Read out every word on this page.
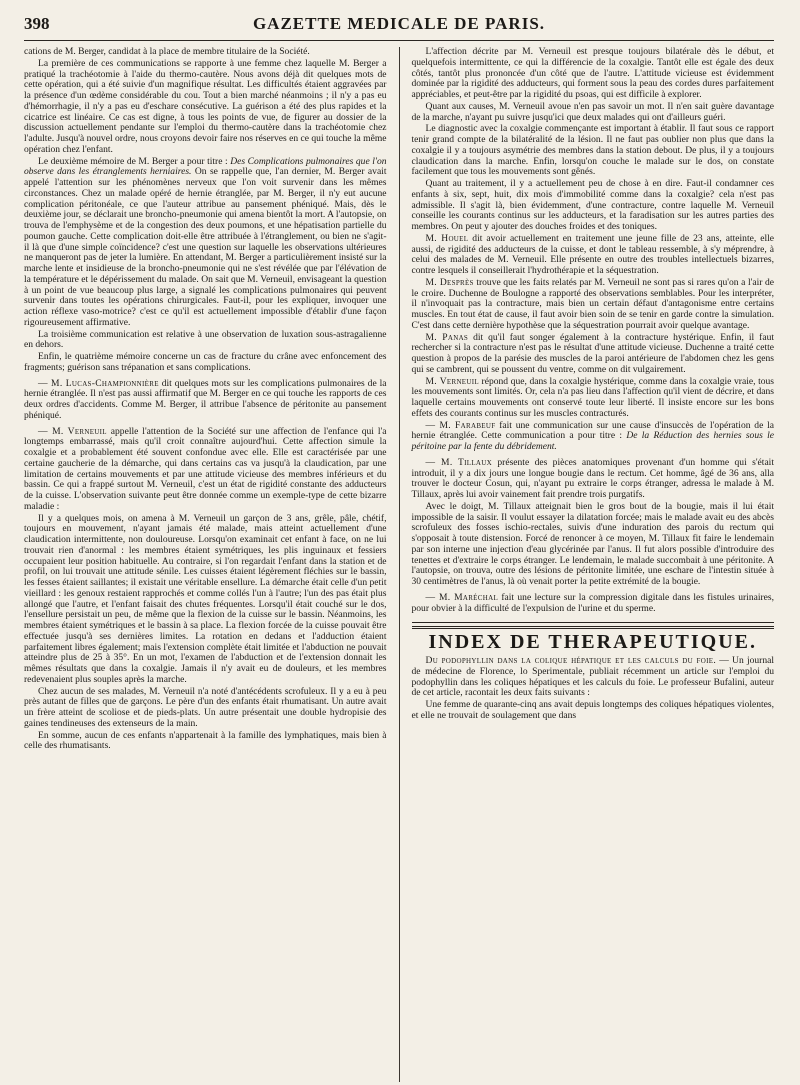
398	GAZETTE MEDICALE DE PARIS.

cations de M. Berger, candidat à la place de membre titulaire de la Société.

La première de ces communications se rapporte à une femme chez laquelle M. Berger a pratiqué la trachéotomie à l'aide du thermo-cautère. Nous avons déjà dit quelques mots de cette opération, qui a été suivie d'un magnifique résultat. Les difficultés étaient aggravées par la présence d'un œdème considérable du cou. Tout a bien marché néanmoins ; il n'y a pas eu d'hémorrhagie, il n'y a pas eu d'eschare consécutive. La guérison a été des plus rapides et la cicatrice est linéaire. Ce cas est digne, à tous les points de vue, de figurer au dossier de la discussion actuellement pendante sur l'emploi du thermo-cautère dans la trachéotomie chez l'adulte. Jusqu'à nouvel ordre, nous croyons devoir faire nos réserves en ce qui touche la même opération chez l'enfant.

Le deuxième mémoire de M. Berger a pour titre : Des Complications pulmonaires que l'on observe dans les étranglements herniaires. On se rappelle que, l'an dernier, M. Berger avait appelé l'attention sur les phénomènes nerveux que l'on voit survenir dans les mêmes circonstances. Chez un malade opéré de hernie étranglée, par M. Berger, il n'y eut aucune complication péritonéale, ce que l'auteur attribue au pansement phéniqué. Mais, dès le deuxième jour, se déclarait une broncho-pneumonie qui amena bientôt la mort. A l'autopsie, on trouva de l'emphysème et de la congestion des deux poumons, et une hépatisation partielle du poumon gauche. Cette complication doit-elle être attribuée à l'étranglement, ou bien ne s'agit-il là que d'une simple coïncidence? c'est une question sur laquelle les observations ultérieures ne manqueront pas de jeter la lumière. En attendant, M. Berger a particulièrement insisté sur la marche lente et insidieuse de la broncho-pneumonie qui ne s'est révélée que par l'élévation de la température et le dépérissement du malade. On sait que M. Verneuil, envisageant la question à un point de vue beaucoup plus large, a signalé les complications pulmonaires qui peuvent survenir dans toutes les opérations chirurgicales. Faut-il, pour les expliquer, invoquer une action réflexe vaso-motrice? c'est ce qu'il est actuellement impossible d'établir d'une façon rigoureusement affirmative.

La troisième communication est relative à une observation de luxation sous-astragalienne en dehors.

Enfin, le quatrième mémoire concerne un cas de fracture du crâne avec enfoncement des fragments; guérison sans trépanation et sans complications.

— M. Lucas-Championnière dit quelques mots sur les complications pulmonaires de la hernie étranglée. Il n'est pas aussi affirmatif que M. Berger en ce qui touche les rapports de ces deux ordres d'accidents. Comme M. Berger, il attribue l'absence de péritonite au pansement phéniqué.

— M. Verneuil appelle l'attention de la Société sur une affection de l'enfance qui l'a longtemps embarrassé, mais qu'il croit connaître aujourd'hui. Cette affection simule la coxalgie et a probablement été souvent confondue avec elle. Elle est caractérisée par une certaine gaucherie de la démarche, qui dans certains cas va jusqu'à la claudication, par une limitation de certains mouvements et par une attitude vicieuse des membres inférieurs et du bassin. Ce qui a frappé surtout M. Verneuil, c'est un état de rigidité constante des adducteurs de la cuisse. L'observation suivante peut être donnée comme un exemple-type de cette bizarre maladie :

Il y a quelques mois, on amena à M. Verneuil un garçon de 3 ans, grêle, pâle, chétif, toujours en mouvement, n'ayant jamais été malade, mais atteint actuellement d'une claudication intermittente, non douloureuse. Lorsqu'on examinait cet enfant à face, on ne lui trouvait rien d'anormal : les membres étaient symétriques, les plis inguinaux et fessiers occupaient leur position habituelle. Au contraire, si l'on regardait l'enfant dans la station et de profil, on lui trouvait une attitude sénile. Les cuisses étaient légèrement fléchies sur le bassin, les fesses étaient saillantes; il existait une véritable ensellure. La démarche était celle d'un petit vieillard : les genoux restaient rapprochés et comme collés l'un à l'autre; l'un des pas était plus allongé que l'autre, et l'enfant faisait des chutes fréquentes. Lorsqu'il était couché sur le dos, l'ensellure persistait un peu, de même que la flexion de la cuisse sur le bassin. Néanmoins, les membres étaient symétriques et le bassin à sa place. La flexion forcée de la cuisse pouvait être effectuée jusqu'à ses dernières limites. La rotation en dedans et l'adduction étaient parfaitement libres également; mais l'extension complète était limitée et l'abduction ne pouvait atteindre plus de 25 à 35°. En un mot, l'examen de l'abduction et de l'extension donnait les mêmes résultats que dans la coxalgie. Jamais il n'y avait eu de douleurs, et les membres redevenaient plus souples après la marche.

Chez aucun de ses malades, M. Verneuil n'a noté d'antécédents scrofuleux. Il y a eu à peu près autant de filles que de garçons. Le père d'un des enfants était rhumatisant. Un autre avait un frère atteint de scoliose et de pieds-plats. Un autre présentait une double hydropisie des gaines tendineuses des extenseurs de la main.

En somme, aucun de ces enfants n'appartenait à la famille des lymphatiques, mais bien à celle des rhumatisants.

L'affection décrite par M. Verneuil est presque toujours bilatérale dès le début, et quelquefois intermittente, ce qui la différencie de la coxalgie. Tantôt elle est égale des deux côtés, tantôt plus prononcée d'un côté que de l'autre. L'attitude vicieuse est évidemment dominée par la rigidité des adducteurs, qui forment sous la peau des cordes dures parfaitement appréciables, et peut-être par la rigidité du psoas, qui est difficile à explorer.

Quant aux causes, M. Verneuil avoue n'en pas savoir un mot. Il n'en sait guère davantage de la marche, n'ayant pu suivre jusqu'ici que deux malades qui ont d'ailleurs guéri.

Le diagnostic avec la coxalgie commençante est important à établir. Il faut sous ce rapport tenir grand compte de la bilatéralité de la lésion. Il ne faut pas oublier non plus que dans la coxalgie il y a toujours asymétrie des membres dans la station debout. De plus, il y a toujours claudication dans la marche. Enfin, lorsqu'on couche le malade sur le dos, on constate facilement que tous les mouvements sont gênés.

Quant au traitement, il y a actuellement peu de chose à en dire. Faut-il condamner ces enfants à six, sept, huit, dix mois d'immobilité comme dans la coxalgie? cela n'est pas admissible. Il s'agit là, bien évidemment, d'une contracture, contre laquelle M. Verneuil conseille les courants continus sur les adducteurs, et la faradisation sur les autres parties des membres. On peut y ajouter des douches froides et des toniques.

M. Houel dit avoir actuellement en traitement une jeune fille de 23 ans, atteinte, elle aussi, de rigidité des adducteurs de la cuisse, et dont le tableau ressemble, à s'y méprendre, à celui des malades de M. Verneuil. Elle présente en outre des troubles intellectuels bizarres, contre lesquels il conseillerait l'hydrothérapie et la séquestration.

M. Desprès trouve que les faits relatés par M. Verneuil ne sont pas si rares qu'on a l'air de le croire. Duchenne de Boulogne a rapporté des observations semblables. Pour les interpréter, il n'invoquait pas la contracture, mais bien un certain défaut d'antagonisme entre certains muscles. En tout état de cause, il faut avoir bien soin de se tenir en garde contre la simulation. C'est dans cette dernière hypothèse que la séquestration pourrait avoir quelque avantage.

M. Panas dit qu'il faut songer également à la contracture hystérique. Enfin, il faut rechercher si la contracture n'est pas le résultat d'une attitude vicieuse. Duchenne a traité cette question à propos de la parésie des muscles de la paroi antérieure de l'abdomen chez les gens qui se cambrent, qui se poussent du ventre, comme on dit vulgairement.

M. Verneuil répond que, dans la coxalgie hystérique, comme dans la coxalgie vraie, tous les mouvements sont limités. Or, cela n'a pas lieu dans l'affection qu'il vient de décrire, et dans laquelle certains mouvements ont conservé toute leur liberté. Il insiste encore sur les bons effets des courants continus sur les muscles contracturés.

— M. Farabeuf fait une communication sur une cause d'insuccès de l'opération de la hernie étranglée. Cette communication a pour titre : De la Réduction des hernies sous le péritoine par la fente du débridement.

— M. Tillaux présente des pièces anatomiques provenant d'un homme qui s'était introduit, il y a dix jours une longue bougie dans le rectum. Cet homme, âgé de 36 ans, alla trouver le docteur Cosun, qui, n'ayant pu extraire le corps étranger, adressa le malade à M. Tillaux, après lui avoir vainement fait prendre trois purgatifs.

Avec le doigt, M. Tillaux atteignait bien le gros bout de la bougie, mais il lui était impossible de la saisir. Il voulut essayer la dilatation forcée; mais le malade avait eu des abcès scrofuleux des fosses ischio-rectales, suivis d'une induration des parois du rectum qui s'opposait à toute distension. Forcé de renoncer à ce moyen, M. Tillaux fit faire le lendemain par son interne une injection d'eau glycérinée par l'anus. Il fut alors possible d'introduire des tenettes et d'extraire le corps étranger. Le lendemain, le malade succombait à une péritonite. A l'autopsie, on trouva, outre des lésions de péritonite limitée, une eschare de l'intestin située à 30 centimètres de l'anus, là où venait porter la petite extrémité de la bougie.

— M. Maréchal fait une lecture sur la compression digitale dans les fistules urinaires, pour obvier à la difficulté de l'expulsion de l'urine et du sperme.

INDEX DE THERAPEUTIQUE.

Du podophyllin dans la colique hépatique et les calculs du foie. — Un journal de médecine de Florence, lo Sperimentale, publiait récemment un article sur l'emploi du podophyllin dans les coliques hépatiques et les calculs du foie. Le professeur Bufalini, auteur de cet article, racontait les deux faits suivants :

Une femme de quarante-cinq ans avait depuis longtemps des coliques hépatiques violentes, et elle ne trouvait de soulagement que dans
